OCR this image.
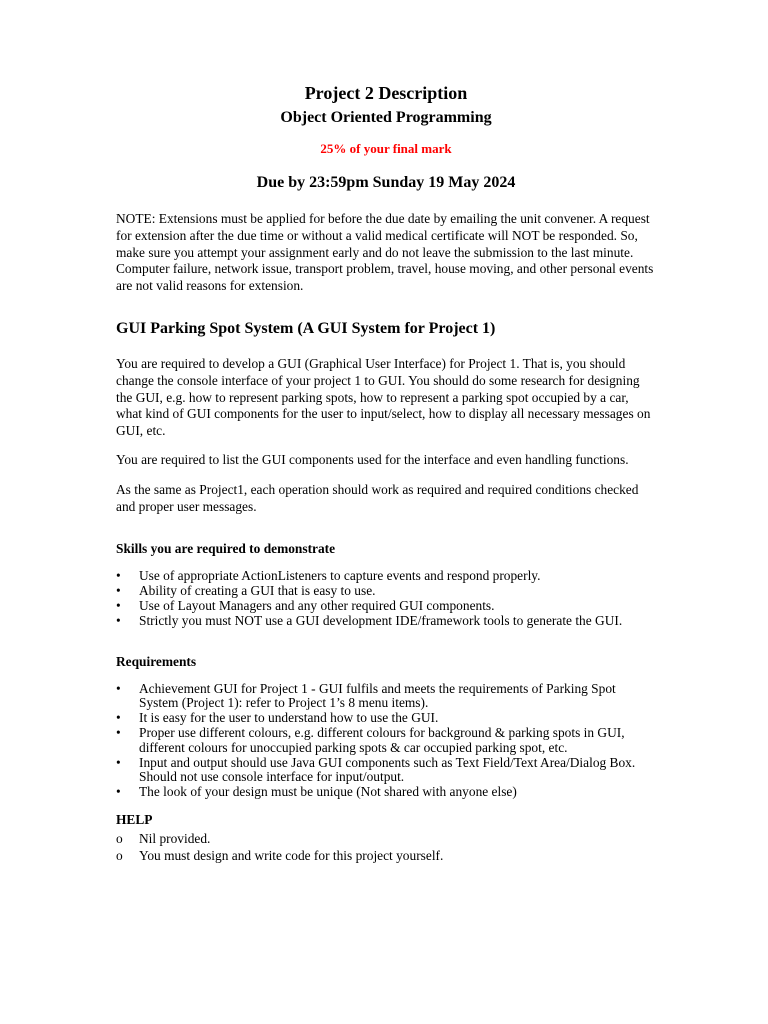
Project 2 Description
Object Oriented Programming

25% of your final mark

Due by 23:59pm Sunday 19 May 2024

NOTE: Extensions must be applied for before the due date by emailing the unit convener. A request for extension after the due time or without a valid medical certificate will NOT be responded. So, make sure you attempt your assignment early and do not leave the submission to the last minute. Computer failure, network issue, transport problem, travel, house moving, and other personal events are not valid reasons for extension.

GUI Parking Spot System (A GUI System for Project 1)

You are required to develop a GUI (Graphical User Interface) for Project 1. That is, you should change the console interface of your project 1 to GUI. You should do some research for designing the GUI, e.g. how to represent parking spots, how to represent a parking spot occupied by a car, what kind of GUI components for the user to input/select, how to display all necessary messages on GUI, etc.

You are required to list the GUI components used for the interface and even handling functions.

As the same as Project1, each operation should work as required and required conditions checked and proper user messages.

Skills you are required to demonstrate
•	Use of appropriate ActionListeners to capture events and respond properly.
•	Ability of creating a GUI that is easy to use.
•	Use of Layout Managers and any other required GUI components.
•	Strictly you must NOT use a GUI development IDE/framework tools to generate the GUI.
Requirements
•	Achievement GUI for Project 1 - GUI fulfils and meets the requirements of Parking Spot System (Project 1): refer to Project 1’s 8 menu items).
•	It is easy for the user to understand how to use the GUI.
•	Proper use different colours, e.g. different colours for background & parking spots in GUI, different colours for unoccupied parking spots & car occupied parking spot, etc.
•	Input and output should use Java GUI components such as Text Field/Text Area/Dialog Box. Should not use console interface for input/output.
•	The look of your design must be unique (Not shared with anyone else)
HELP
o	Nil provided.
o	You must design and write code for this project yourself.
